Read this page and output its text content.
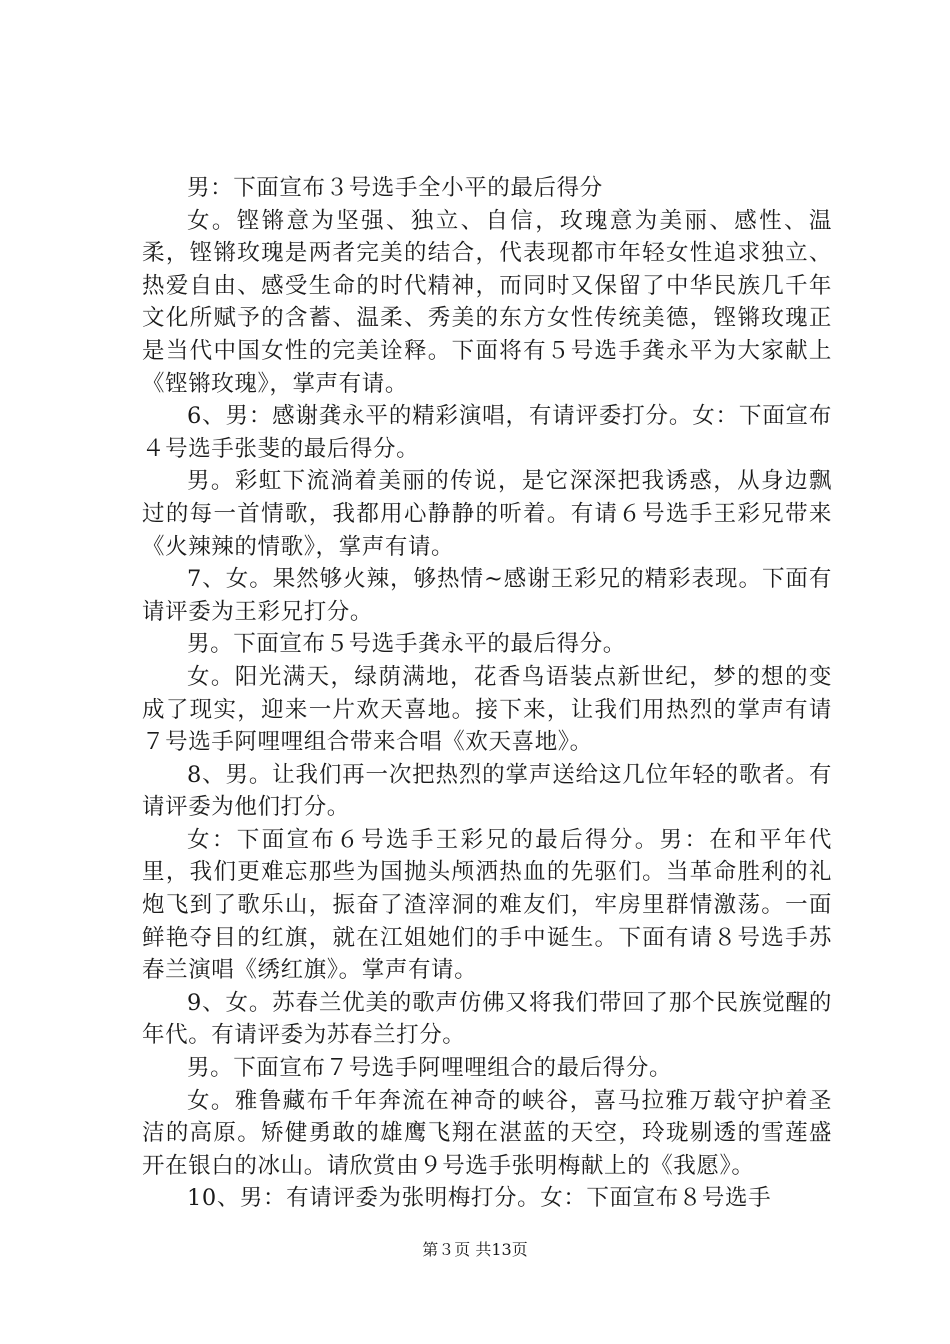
男：下面宣布３号选手全小平的最后得分

女。铿锵意为坚强、独立、自信，玫瑰意为美丽、感性、温柔，铿锵玫瑰是两者完美的结合，代表现都市年轻女性追求独立、热爱自由、感受生命的时代精神，而同时又保留了中华民族几千年文化所赋予的含蓄、温柔、秀美的东方女性传统美德，铿锵玫瑰正是当代中国女性的完美诠释。下面将有５号选手龚永平为大家献上《铿锵玫瑰》，掌声有请。

6、男：感谢龚永平的精彩演唱，有请评委打分。女：下面宣布４号选手张斐的最后得分。

男。彩虹下流淌着美丽的传说，是它深深把我诱惑，从身边飘过的每一首情歌，我都用心静静的听着。有请６号选手王彩兄带来《火辣辣的情歌》，掌声有请。

7、女。果然够火辣，够热情~感谢王彩兄的精彩表现。下面有请评委为王彩兄打分。

男。下面宣布５号选手龚永平的最后得分。

女。阳光满天，绿荫满地，花香鸟语装点新世纪，梦的想的变成了现实，迎来一片欢天喜地。接下来，让我们用热烈的掌声有请７号选手阿哩哩组合带来合唱《欢天喜地》。

8、男。让我们再一次把热烈的掌声送给这几位年轻的歌者。有请评委为他们打分。

女：下面宣布６号选手王彩兄的最后得分。男：在和平年代里，我们更难忘那些为国抛头颅洒热血的先驱们。当革命胜利的礼炮飞到了歌乐山，振奋了渣滓洞的难友们，牢房里群情激荡。一面鲜艳夺目的红旗，就在江姐她们的手中诞生。下面有请８号选手苏春兰演唱《绣红旗》。掌声有请。

9、女。苏春兰优美的歌声仿佛又将我们带回了那个民族觉醒的年代。有请评委为苏春兰打分。

男。下面宣布７号选手阿哩哩组合的最后得分。

女。雅鲁藏布千年奔流在神奇的峡谷，喜马拉雅万载守护着圣洁的高原。矫健勇敢的雄鹰飞翔在湛蓝的天空，玲珑剔透的雪莲盛开在银白的冰山。请欣赏由９号选手张明梅献上的《我愿》。

10、男：有请评委为张明梅打分。女：下面宣布８号选手

第３页 共13页
